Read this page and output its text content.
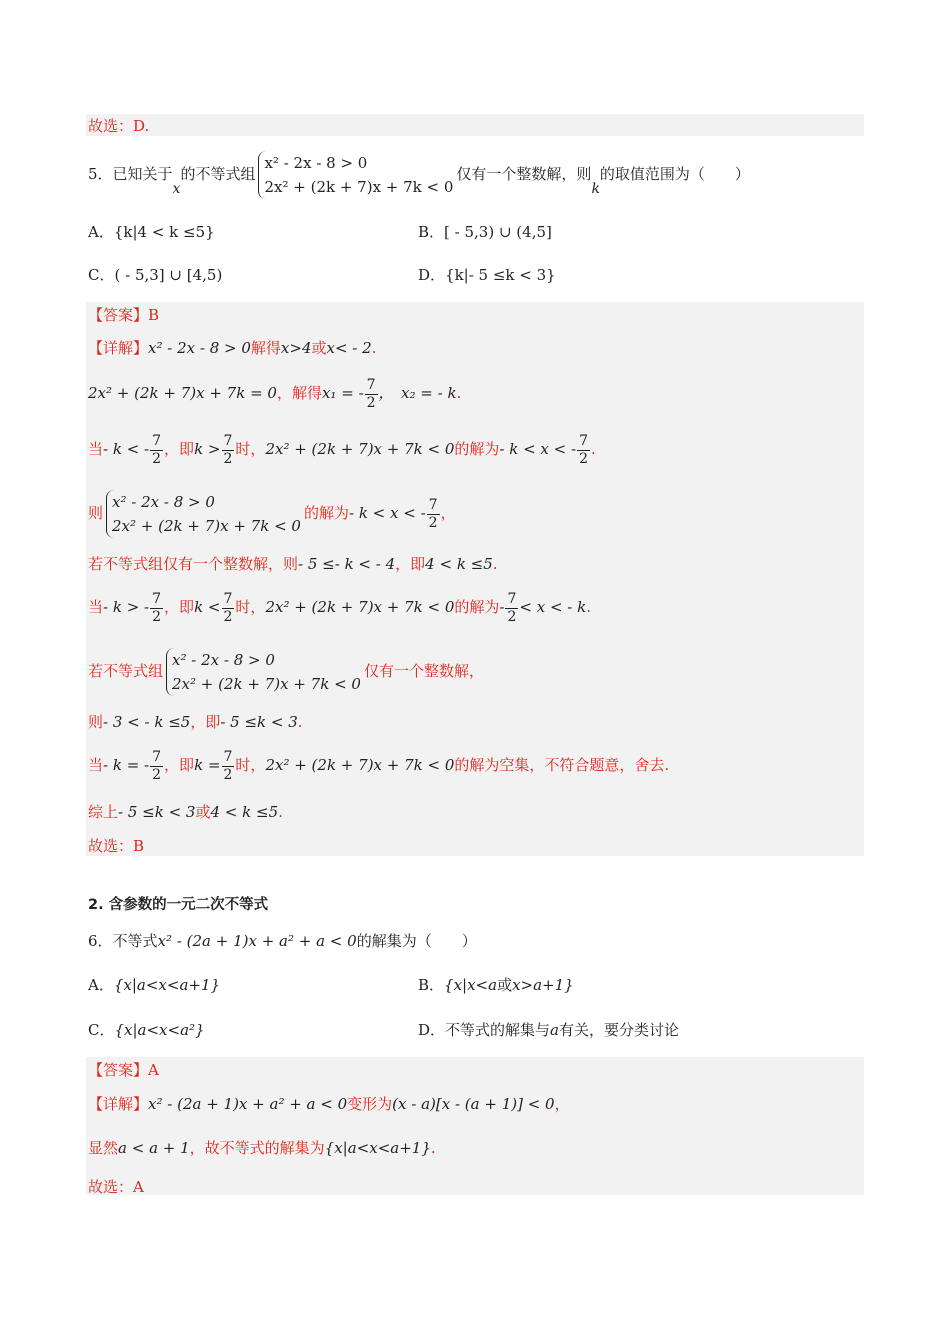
故选：D.
5．已知关于x的不等式组
x² - 2x - 8 > 0
2x² + (2k + 7)x + 7k < 0
仅有一个整数解，则k的取值范围为（　　）
A．{k|4 < k ≤5}	B．[ - 5,3) ∪ (4,5]
C．( - 5,3] ∪ [4,5)	D．{k|- 5 ≤k < 3}
【答案】B
【详解】x² - 2x - 8 > 0解得x>4或x< - 2.
2x² + (2k + 7)x + 7k = 0，解得x₁ = - $\frac{7}{2}$ ，　x₂ = - k.
当- k < - $\frac{7}{2}$ ，即$k > \frac{7}{2}$ 时，2x² + (2k + 7)x + 7k < 0的解为- k < x < - $\frac{7}{2}$ .
则
x² - 2x - 8 > 0
2x² + (2k + 7)x + 7k < 0
的解为- k < x < - $\frac{7}{2}$ ，
若不等式组仅有一个整数解，则- 5 ≤- k < - 4，即4 < k ≤5.
当- k > - $\frac{7}{2}$ ，即$k < \frac{7}{2}$ 时，2x² + (2k + 7)x + 7k < 0的解为- $\frac{7}{2} < x$ < - k.
若不等式组
x² - 2x - 8 > 0
2x² + (2k + 7)x + 7k < 0
仅有一个整数解，
则- 3 < - k ≤5，即- 5 ≤k < 3.
当- k = - $\frac{7}{2}$ ，即$k = \frac{7}{2}$ 时，2x² + (2k + 7)x + 7k < 0的解为空集，不符合题意，舍去.
综上- 5 ≤k < 3或4 < k ≤5.
故选：B
2. 含参数的一元二次不等式
6．不等式x² - (2a + 1)x + a² + a < 0的解集为（　　）
A．{x|a<x<a+1}	B．{x|x<a或x>a+1}
C．{x|a<x<a²}	D．不等式的解集与a有关，要分类讨论
【答案】A
【详解】x² - (2a + 1)x + a² + a < 0变形为(x - a)[x - (a + 1)] < 0，
显然a < a + 1，故不等式的解集为{x|a<x<a+1}.
故选：A
